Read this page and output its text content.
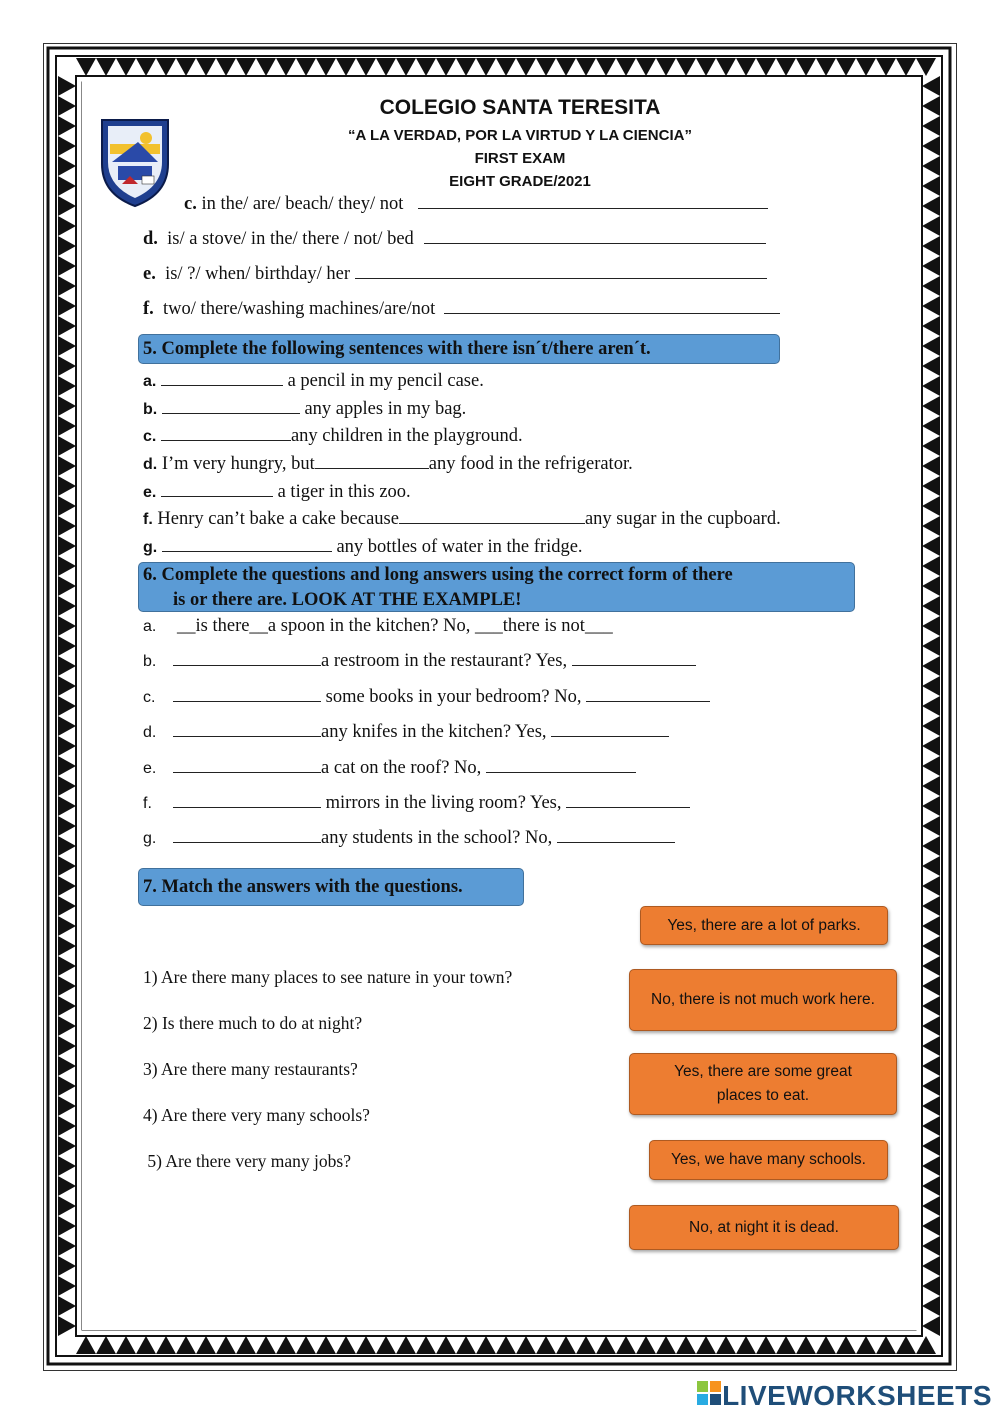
COLEGIO SANTA TERESITA
“A LA VERDAD, POR LA VIRTUD Y LA CIENCIA”
FIRST EXAM
EIGHT GRADE/2021
c. in the/ are/ beach/ they/ not
d. is/ a stove/ in the/ there / not/ bed
e. is/ ?/ when/ birthday/ her
f. two/ there/washing machines/are/not
5. Complete the following sentences with there isn´t/there aren´t.
a.	a pencil in my pencil case.
b.	any apples in my bag.
c.	any children in the playground.
d. I’m very hungry, but	any food in the refrigerator.
e.	a tiger in this zoo.
f. Henry can’t bake a cake because	any sugar in the cupboard.
g.	any bottles of water in the fridge.
6. Complete the questions and long answers using the correct form of there
is or there are. LOOK AT THE EXAMPLE!
a. __is there__a spoon in the kitchen? No, ___there is not___
b.	a restroom in the restaurant? Yes,
c.	some books in your bedroom? No,
d.	any knifes in the kitchen? Yes,
e.	a cat on the roof? No,
f.	mirrors in the living room? Yes,
g.	any students in the school? No,
7. Match the answers with the questions.
1) Are there many places to see nature in your town?
2) Is there much to do at night?
3) Are there many restaurants?
4) Are there very many schools?
5) Are there very many jobs?
Yes, there are a lot of parks.
No, there is not much work here.
Yes, there are some great places to eat.
Yes, we have many schools.
No, at night it is dead.
LIVEWORKSHEETS
